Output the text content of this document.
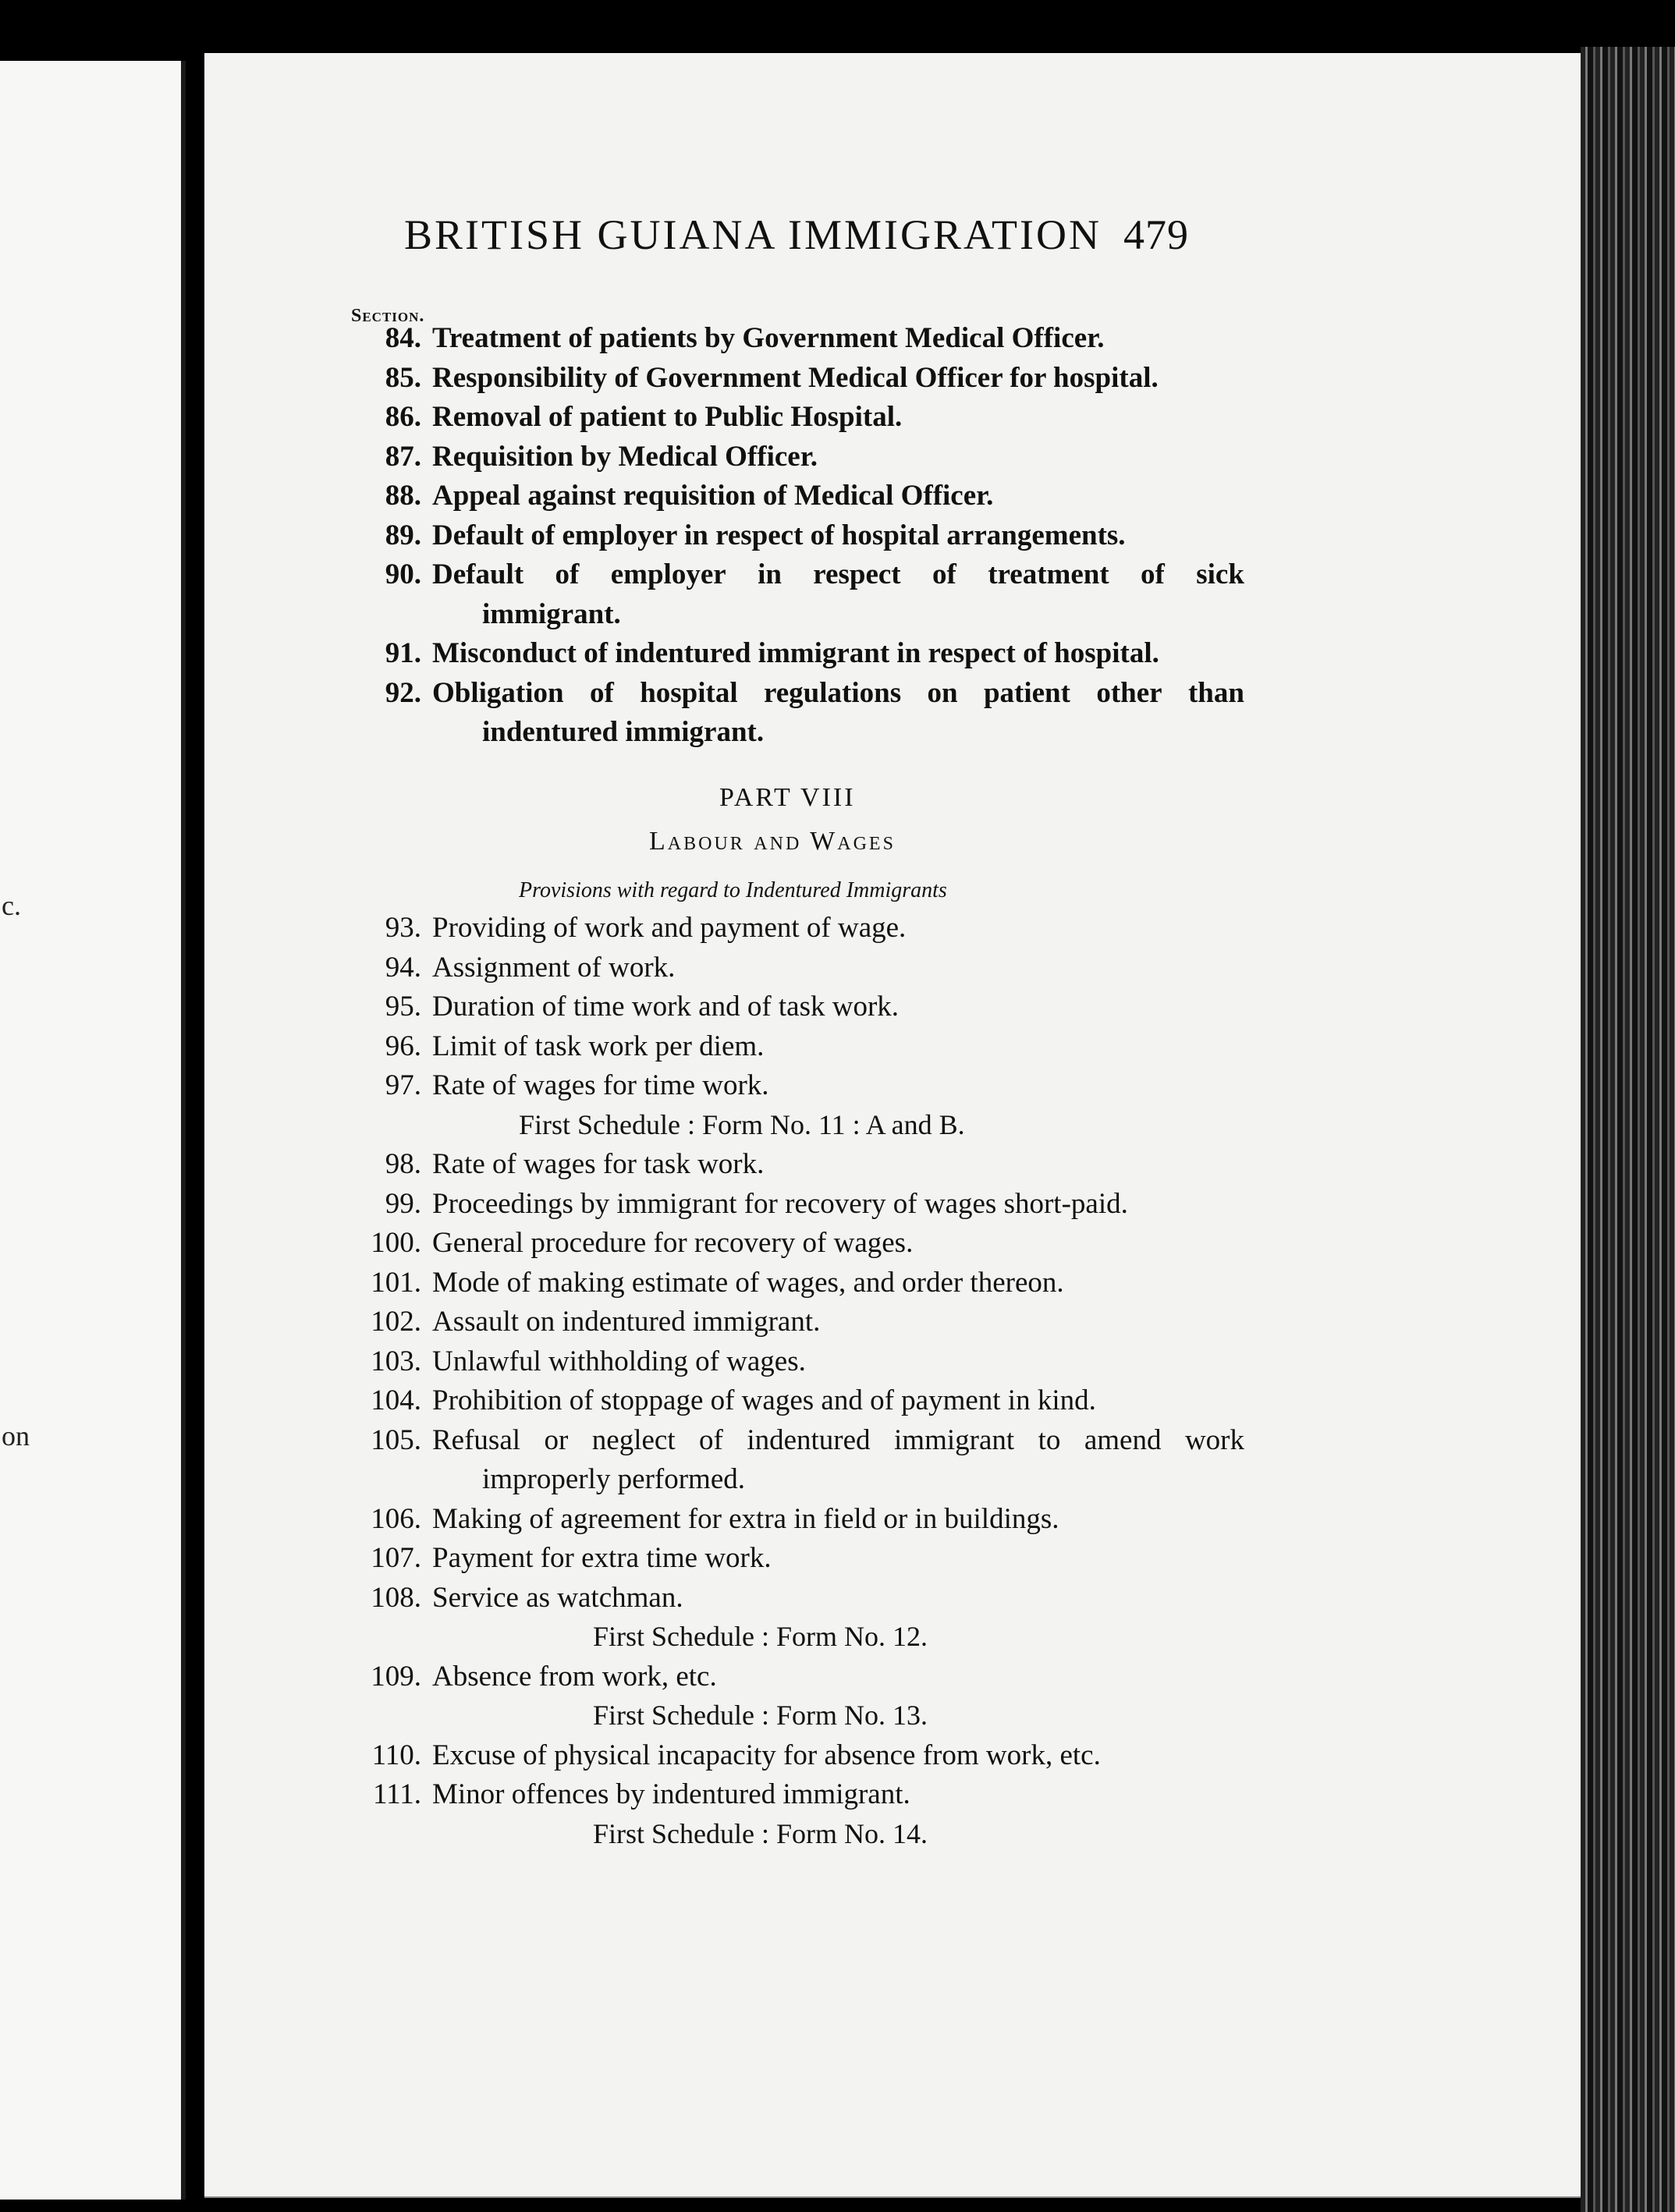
c.
on
BRITISH GUIANA IMMIGRATION 479
Section.
PART VIII
Labour and Wages
Provisions with regard to Indentured Immigrants
84. Treatment of patients by Government Medical Officer.
85. Responsibility of Government Medical Officer for hospital.
86. Removal of patient to Public Hospital.
87. Requisition by Medical Officer.
88. Appeal against requisition of Medical Officer.
89. Default of employer in respect of hospital arrangements.
90. Default of employer in respect of treatment of sick
immigrant.
91. Misconduct of indentured immigrant in respect of hospital.
92. Obligation of hospital regulations on patient other than
indentured immigrant.
93. Providing of work and payment of wage.
94. Assignment of work.
95. Duration of time work and of task work.
96. Limit of task work per diem.
97. Rate of wages for time work.
First Schedule : Form No. 11 : A and B.
98. Rate of wages for task work.
99. Proceedings by immigrant for recovery of wages short-paid.
100. General procedure for recovery of wages.
101. Mode of making estimate of wages, and order thereon.
102. Assault on indentured immigrant.
103. Unlawful withholding of wages.
104. Prohibition of stoppage of wages and of payment in kind.
105. Refusal or neglect of indentured immigrant to amend work
improperly performed.
106. Making of agreement for extra in field or in buildings.
107. Payment for extra time work.
108. Service as watchman.
First Schedule : Form No. 12.
109. Absence from work, etc.
First Schedule : Form No. 13.
110. Excuse of physical incapacity for absence from work, etc.
111. Minor offences by indentured immigrant.
First Schedule : Form No. 14.
